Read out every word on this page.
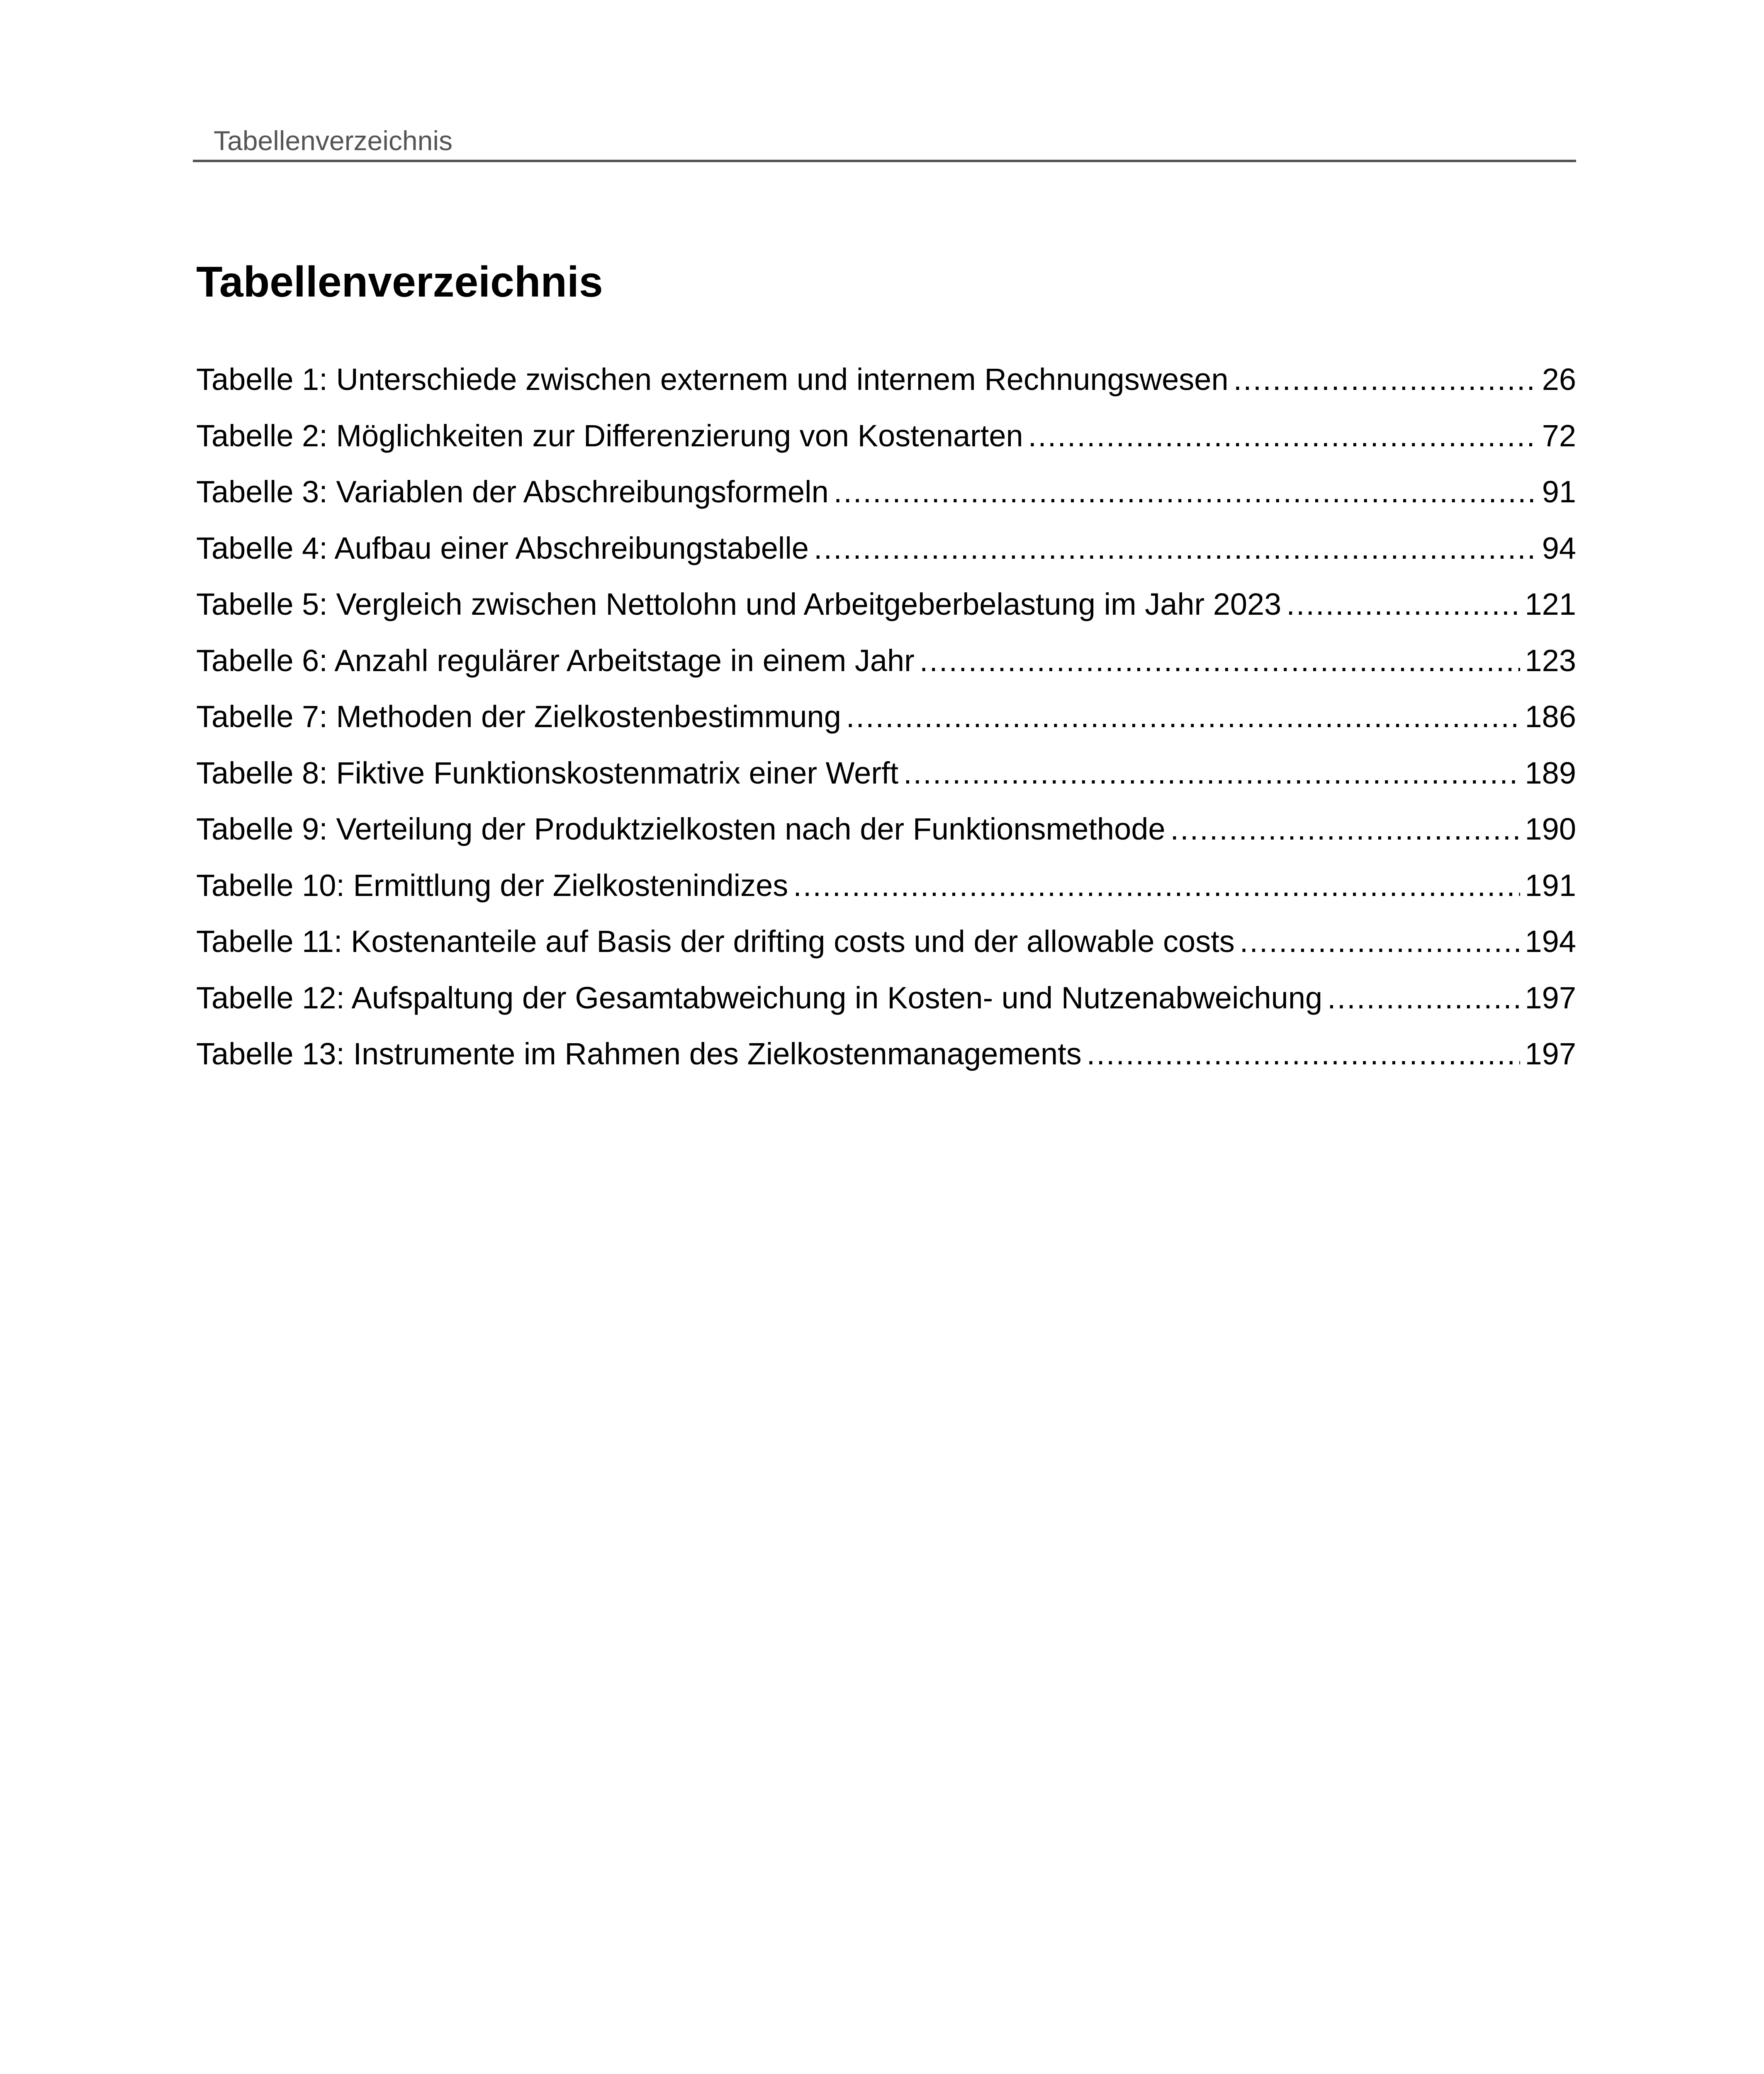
Tabellenverzeichnis
Tabellenverzeichnis
Tabelle 1: Unterschiede zwischen externem und internem Rechnungswesen .....	26
Tabelle 2: Möglichkeiten zur Differenzierung von Kostenarten .....	72
Tabelle 3: Variablen der Abschreibungsformeln .....	91
Tabelle 4: Aufbau einer Abschreibungstabelle .....	94
Tabelle 5: Vergleich zwischen Nettolohn und Arbeitgeberbelastung im Jahr 2023 .....	121
Tabelle 6: Anzahl regulärer Arbeitstage in einem Jahr .....	123
Tabelle 7: Methoden der Zielkostenbestimmung .....	186
Tabelle 8: Fiktive Funktionskostenmatrix einer Werft .....	189
Tabelle 9: Verteilung der Produktzielkosten nach der Funktionsmethode .....	190
Tabelle 10: Ermittlung der Zielkostenindizes .....	191
Tabelle 11: Kostenanteile auf Basis der drifting costs und der allowable costs .....	194
Tabelle 12: Aufspaltung der Gesamtabweichung in Kosten- und Nutzenabweichung .....	197
Tabelle 13: Instrumente im Rahmen des Zielkostenmanagements .....	197
